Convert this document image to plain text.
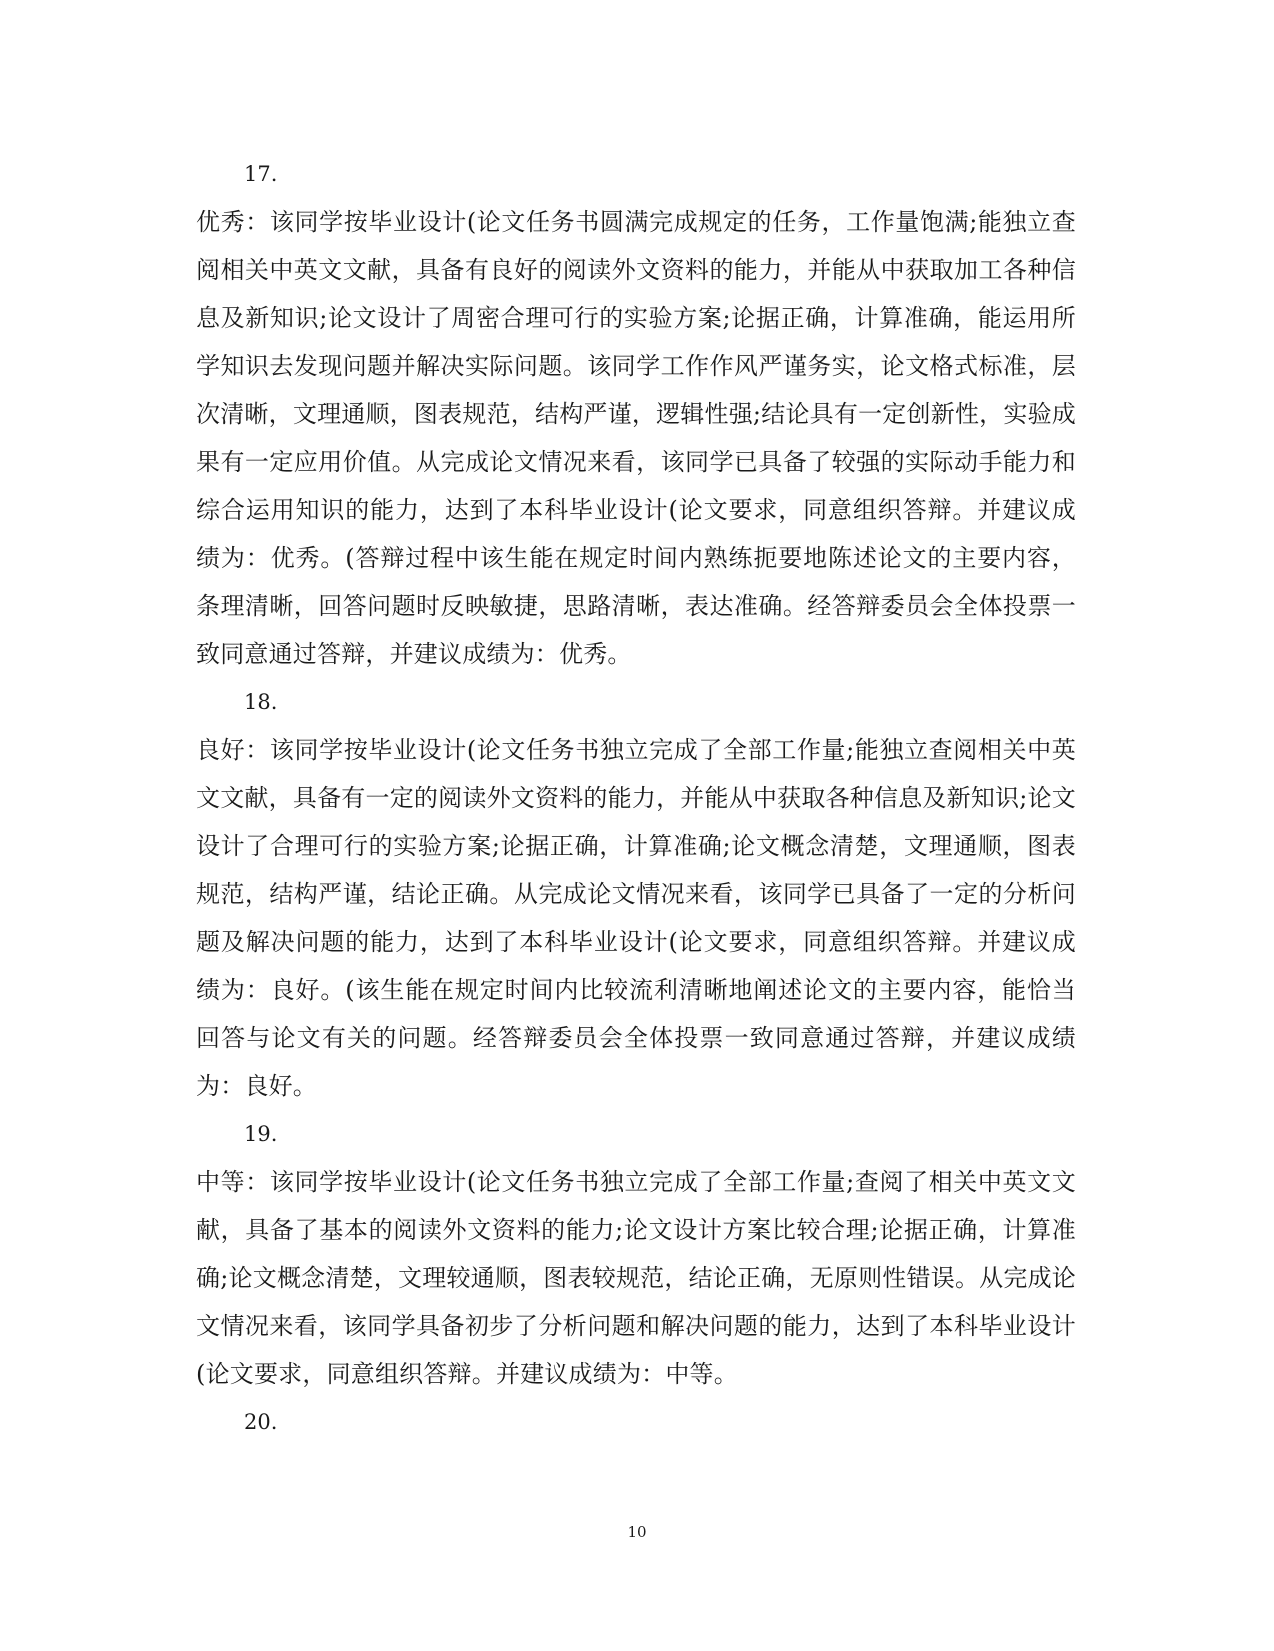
17.

优秀：该同学按毕业设计(论文任务书圆满完成规定的任务，工作量饱满;能独立查阅相关中英文文献，具备有良好的阅读外文资料的能力，并能从中获取加工各种信息及新知识;论文设计了周密合理可行的实验方案;论据正确，计算准确，能运用所学知识去发现问题并解决实际问题。该同学工作作风严谨务实，论文格式标准，层次清晰，文理通顺，图表规范，结构严谨，逻辑性强;结论具有一定创新性，实验成果有一定应用价值。从完成论文情况来看，该同学已具备了较强的实际动手能力和综合运用知识的能力，达到了本科毕业设计(论文要求，同意组织答辩。并建议成绩为：优秀。(答辩过程中该生能在规定时间内熟练扼要地陈述论文的主要内容，条理清晰，回答问题时反映敏捷，思路清晰，表达准确。经答辩委员会全体投票一致同意通过答辩，并建议成绩为：优秀。

18.

良好：该同学按毕业设计(论文任务书独立完成了全部工作量;能独立查阅相关中英文文献，具备有一定的阅读外文资料的能力，并能从中获取各种信息及新知识;论文设计了合理可行的实验方案;论据正确，计算准确;论文概念清楚，文理通顺，图表规范，结构严谨，结论正确。从完成论文情况来看，该同学已具备了一定的分析问题及解决问题的能力，达到了本科毕业设计(论文要求，同意组织答辩。并建议成绩为：良好。(该生能在规定时间内比较流利清晰地阐述论文的主要内容，能恰当回答与论文有关的问题。经答辩委员会全体投票一致同意通过答辩，并建议成绩为：良好。

19.

中等：该同学按毕业设计(论文任务书独立完成了全部工作量;查阅了相关中英文文献，具备了基本的阅读外文资料的能力;论文设计方案比较合理;论据正确，计算准确;论文概念清楚，文理较通顺，图表较规范，结论正确，无原则性错误。从完成论文情况来看，该同学具备初步了分析问题和解决问题的能力，达到了本科毕业设计(论文要求，同意组织答辩。并建议成绩为：中等。

20.
10
